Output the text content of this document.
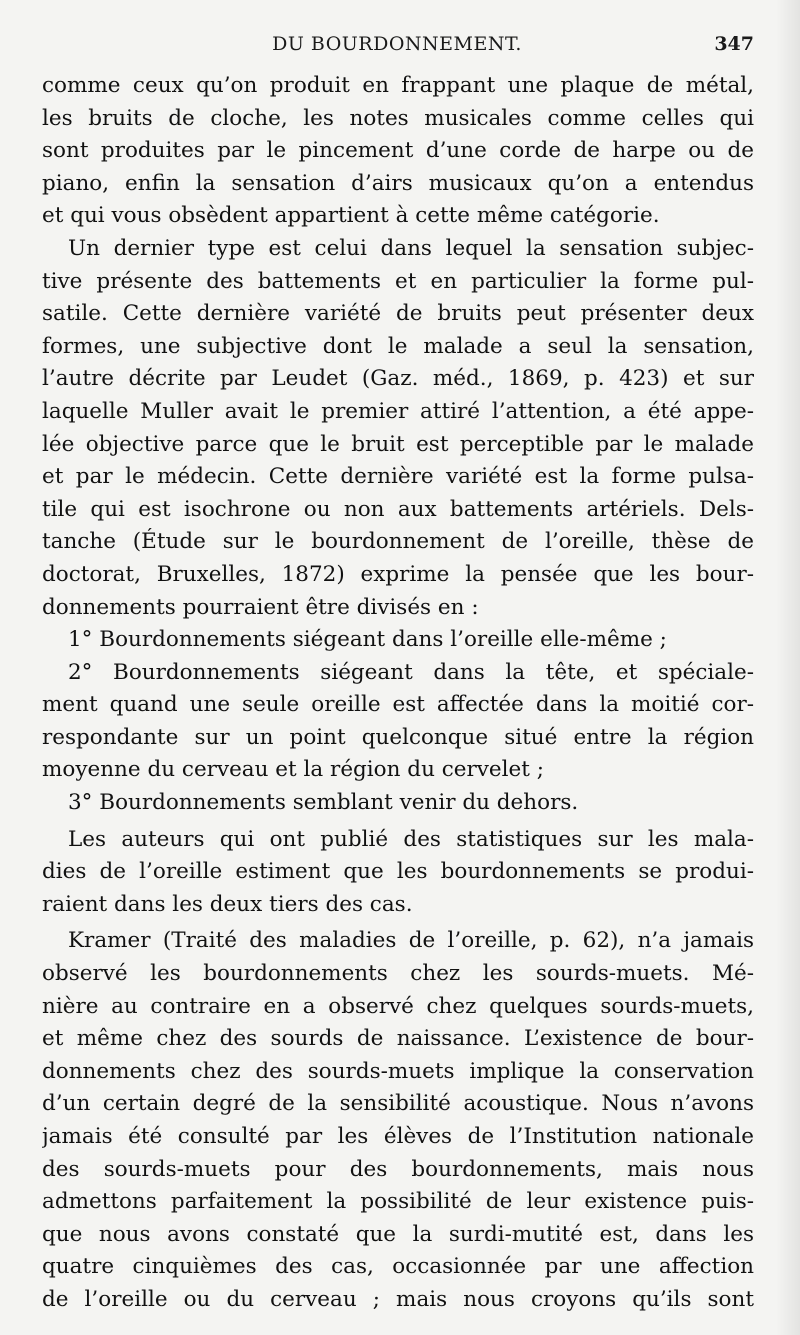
DU BOURDONNEMENT.	347
comme ceux qu’on produit en frappant une plaque de métal,
les bruits de cloche, les notes musicales comme celles qui
sont produites par le pincement d’une corde de harpe ou de
piano, enfin la sensation d’airs musicaux qu’on a entendus
et qui vous obsèdent appartient à cette même catégorie.
Un dernier type est celui dans lequel la sensation subjec-
tive présente des battements et en particulier la forme pul-
satile. Cette dernière variété de bruits peut présenter deux
formes, une subjective dont le malade a seul la sensation,
l’autre décrite par Leudet (Gaz. méd., 1869, p. 423) et sur
laquelle Muller avait le premier attiré l’attention, a été appe-
lée objective parce que le bruit est perceptible par le malade
et par le médecin. Cette dernière variété est la forme pulsa-
tile qui est isochrone ou non aux battements artériels. Dels-
tanche (Étude sur le bourdonnement de l’oreille, thèse de
doctorat, Bruxelles, 1872) exprime la pensée que les bour-
donnements pourraient être divisés en :
1° Bourdonnements siégeant dans l’oreille elle-même ;
2° Bourdonnements siégeant dans la tête, et spéciale-
ment quand une seule oreille est affectée dans la moitié cor-
respondante sur un point quelconque situé entre la région
moyenne du cerveau et la région du cervelet ;
3° Bourdonnements semblant venir du dehors.
Les auteurs qui ont publié des statistiques sur les mala-
dies de l’oreille estiment que les bourdonnements se produi-
raient dans les deux tiers des cas.
Kramer (Traité des maladies de l’oreille, p. 62), n’a jamais
observé les bourdonnements chez les sourds-muets. Mé-
nière au contraire en a observé chez quelques sourds-muets,
et même chez des sourds de naissance. L’existence de bour-
donnements chez des sourds-muets implique la conservation
d’un certain degré de la sensibilité acoustique. Nous n’avons
jamais été consulté par les élèves de l’Institution nationale
des sourds-muets pour des bourdonnements, mais nous
admettons parfaitement la possibilité de leur existence puis-
que nous avons constaté que la surdi-mutité est, dans les
quatre cinquièmes des cas, occasionnée par une affection
de l’oreille ou du cerveau ; mais nous croyons qu’ils sont
